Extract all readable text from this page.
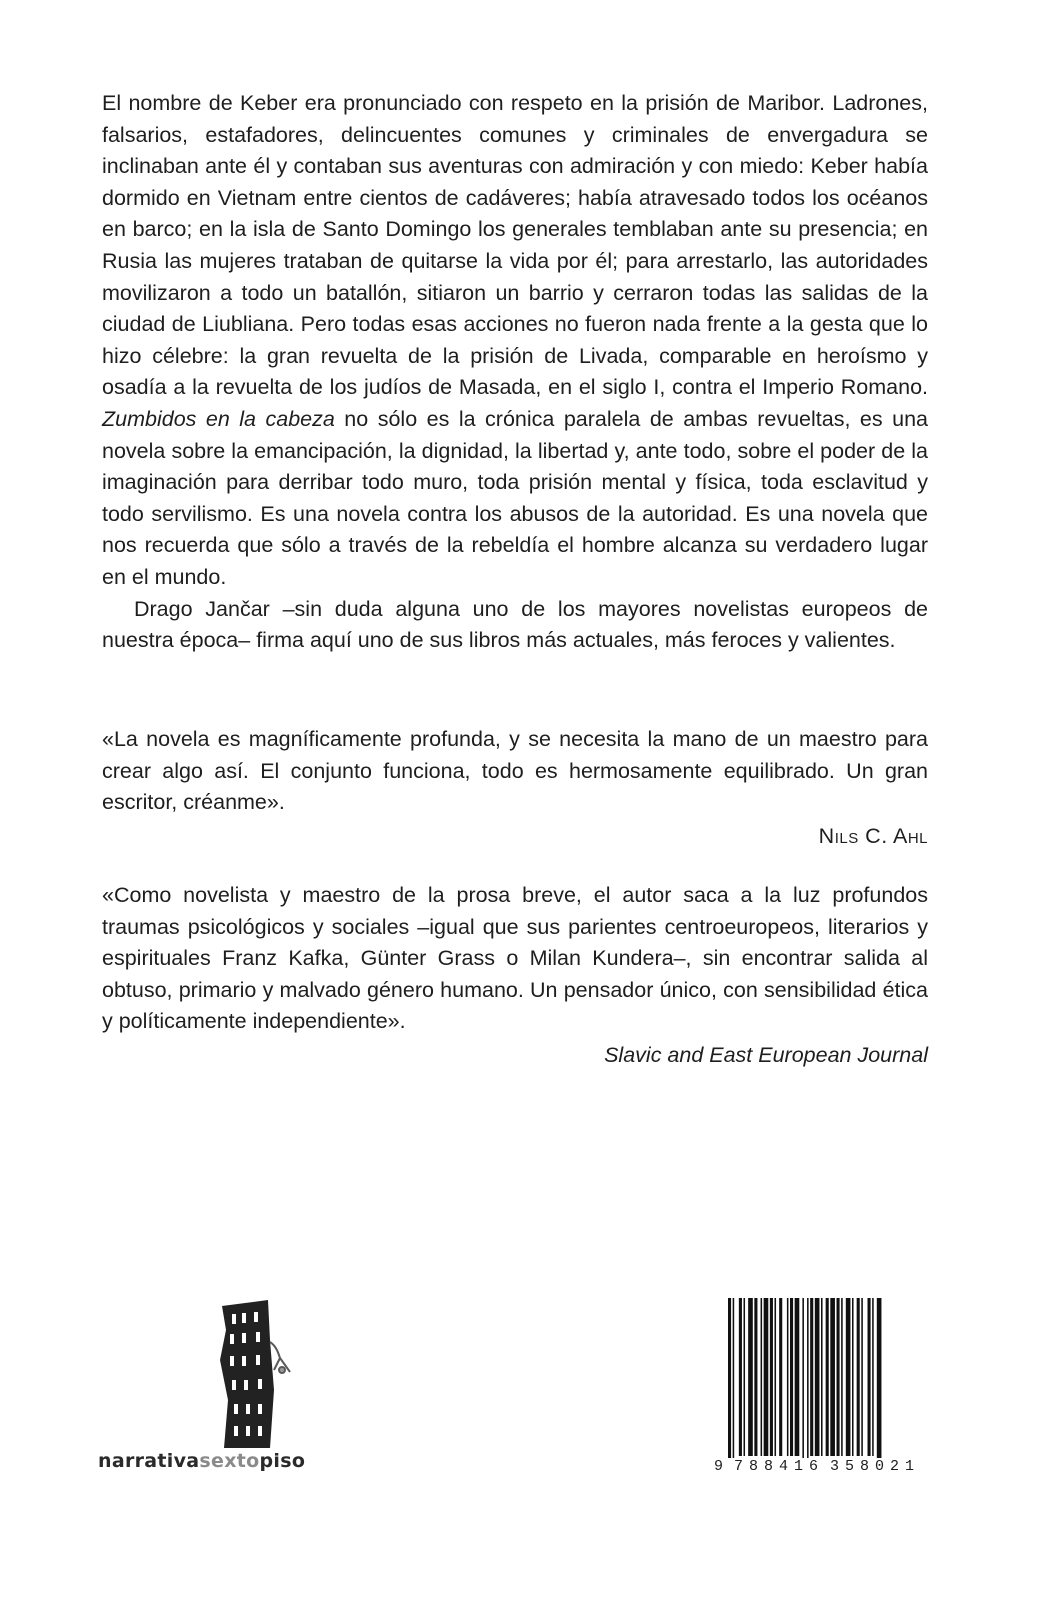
El nombre de Keber era pronunciado con respeto en la prisión de Maribor. Ladrones, falsarios, estafadores, delincuentes comunes y criminales de envergadura se inclinaban ante él y contaban sus aventuras con admiración y con miedo: Keber había dormido en Vietnam entre cientos de cadáveres; había atravesado todos los océanos en barco; en la isla de Santo Domingo los generales temblaban ante su presencia; en Rusia las mujeres trataban de quitarse la vida por él; para arrestarlo, las autoridades movilizaron a todo un batallón, sitiaron un barrio y cerraron todas las salidas de la ciudad de Liubliana. Pero todas esas acciones no fueron nada frente a la gesta que lo hizo célebre: la gran revuelta de la prisión de Livada, comparable en heroísmo y osadía a la revuelta de los judíos de Masada, en el siglo I, contra el Imperio Romano. Zumbidos en la cabeza no sólo es la crónica paralela de ambas revueltas, es una novela sobre la emancipación, la dignidad, la libertad y, ante todo, sobre el poder de la imaginación para derribar todo muro, toda prisión mental y física, toda esclavitud y todo servilismo. Es una novela contra los abusos de la autoridad. Es una novela que nos recuerda que sólo a través de la rebeldía el hombre alcanza su verdadero lugar en el mundo.

Drago Jančar –sin duda alguna uno de los mayores novelistas europeos de nuestra época– firma aquí uno de sus libros más actuales, más feroces y valientes.

«La novela es magníficamente profunda, y se necesita la mano de un maestro para crear algo así. El conjunto funciona, todo es hermosamente equilibrado. Un gran escritor, créanme».

Nils C. Ahl

«Como novelista y maestro de la prosa breve, el autor saca a la luz profundos traumas psicológicos y sociales –igual que sus parientes centroeuropeos, literarios y espirituales Franz Kafka, Günter Grass o Milan Kundera–, sin encontrar salida al obtuso, primario y malvado género humano. Un pensador único, con sensibilidad ética y políticamente independiente».

Slavic and East European Journal
narrativasextopiso	9 788416 358021
